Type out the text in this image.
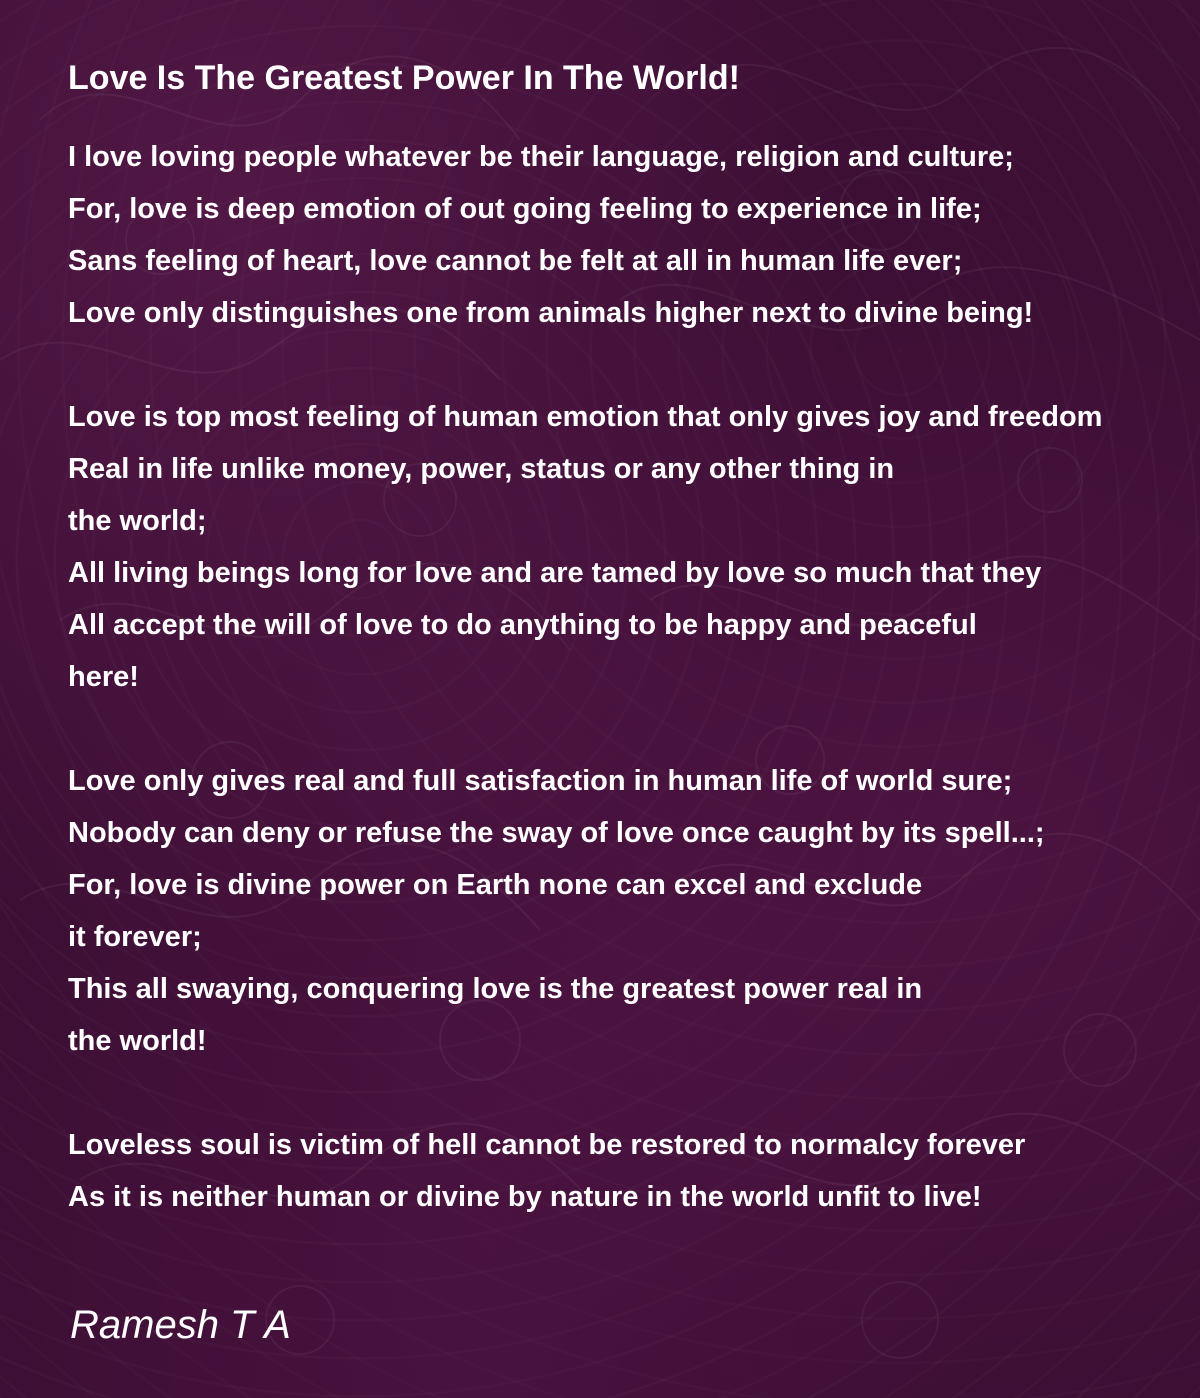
Love Is The Greatest Power In The World!
I love loving people whatever be their language, religion and culture;
For, love is deep emotion of out going feeling to experience in life;
Sans feeling of heart, love cannot be felt at all in human life ever;
Love only distinguishes one from animals higher next to divine being!
Love is top most feeling of human emotion that only gives joy and freedom
Real in life unlike money, power, status or any other thing in
the world;
All living beings long for love and are tamed by love so much that they
All accept the will of love to do anything to be happy and peaceful
here!
Love only gives real and full satisfaction in human life of world sure;
Nobody can deny or refuse the sway of love once caught by its spell...;
For, love is divine power on Earth none can excel and exclude
it forever;
This all swaying, conquering love is the greatest power real in
the world!
Loveless soul is victim of hell cannot be restored to normalcy forever
As it is neither human or divine by nature in the world unfit to live!
Ramesh T A
